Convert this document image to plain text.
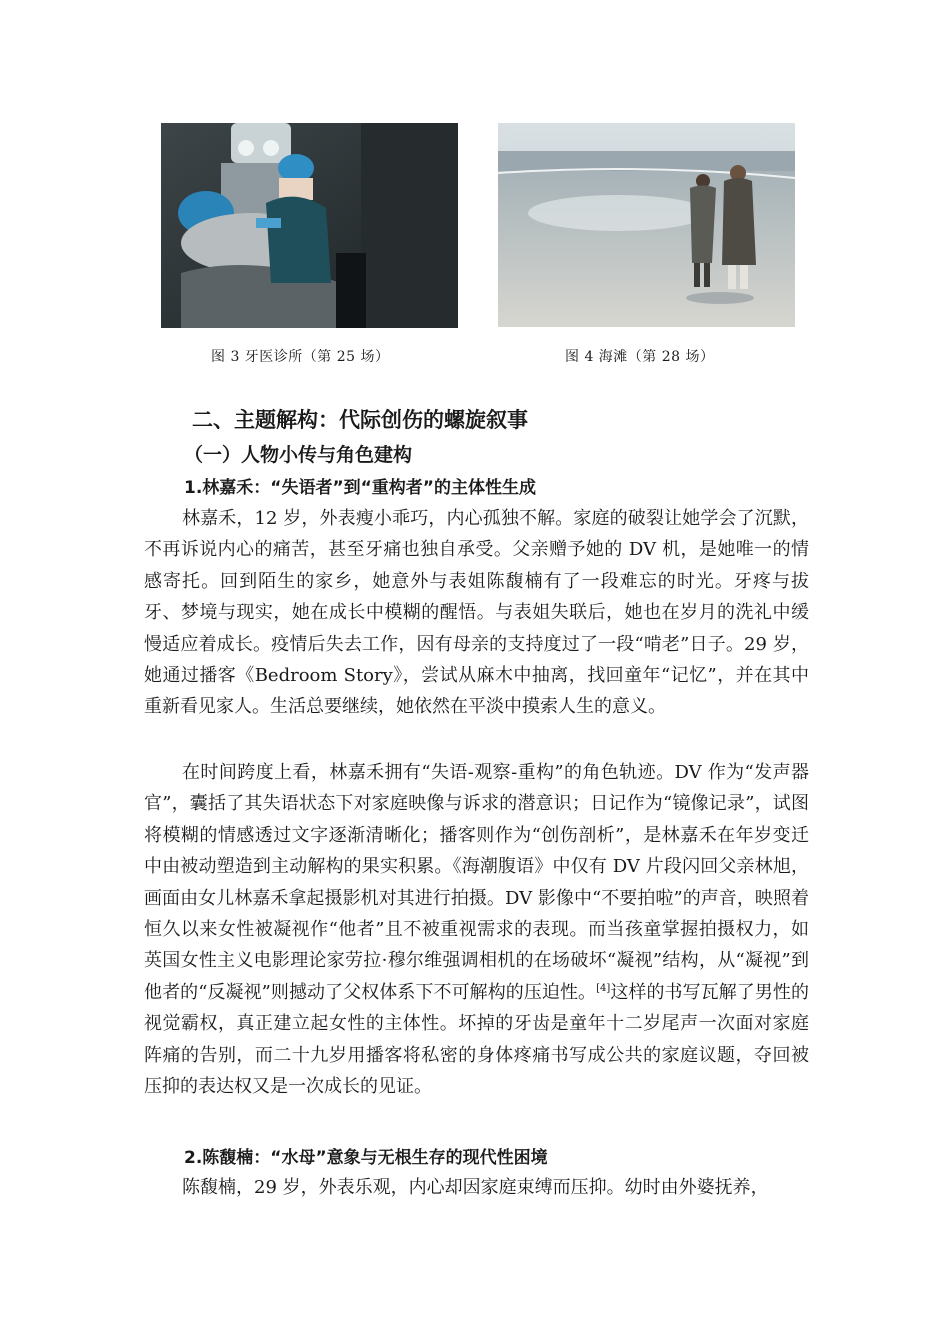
图 3 牙医诊所（第 25 场）	图 4 海滩（第 28 场）
二、主题解构：代际创伤的螺旋叙事
（一）人物小传与角色建构
1.林嘉禾：“失语者”到“重构者”的主体性生成

林嘉禾，12 岁，外表瘦小乖巧，内心孤独不解。家庭的破裂让她学会了沉默，不再诉说内心的痛苦，甚至牙痛也独自承受。父亲赠予她的 DV 机，是她唯一的情感寄托。回到陌生的家乡，她意外与表姐陈馥楠有了一段难忘的时光。牙疼与拔牙、梦境与现实，她在成长中模糊的醒悟。与表姐失联后，她也在岁月的洗礼中缓慢适应着成长。疫情后失去工作，因有母亲的支持度过了一段“啃老”日子。29 岁，她通过播客《Bedroom Story》，尝试从麻木中抽离，找回童年“记忆”，并在其中重新看见家人。生活总要继续，她依然在平淡中摸索人生的意义。

在时间跨度上看，林嘉禾拥有“失语-观察-重构”的角色轨迹。DV 作为“发声器官”，囊括了其失语状态下对家庭映像与诉求的潜意识；日记作为“镜像记录”，试图将模糊的情感透过文字逐渐清晰化；播客则作为“创伤剖析”，是林嘉禾在年岁变迁中由被动塑造到主动解构的果实积累。《海潮腹语》中仅有 DV 片段闪回父亲林旭，画面由女儿林嘉禾拿起摄影机对其进行拍摄。DV 影像中“不要拍啦”的声音，映照着恒久以来女性被凝视作“他者”且不被重视需求的表现。而当孩童掌握拍摄权力，如英国女性主义电影理论家劳拉·穆尔维强调相机的在场破坏“凝视”结构，从“凝视”到他者的“反凝视”则撼动了父权体系下不可解构的压迫性。[4]这样的书写瓦解了男性的视觉霸权，真正建立起女性的主体性。坏掉的牙齿是童年十二岁尾声一次面对家庭阵痛的告别，而二十九岁用播客将私密的身体疼痛书写成公共的家庭议题，夺回被压抑的表达权又是一次成长的见证。

2.陈馥楠：“水母”意象与无根生存的现代性困境

陈馥楠，29 岁，外表乐观，内心却因家庭束缚而压抑。幼时由外婆抚养，
